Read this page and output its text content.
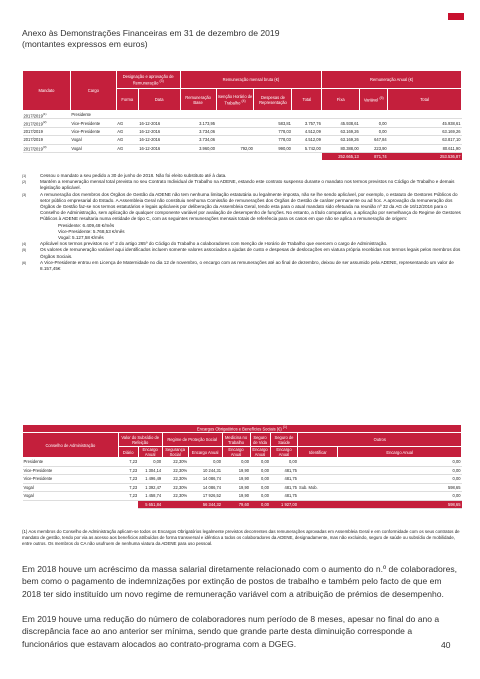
Anexo às Demonstrações Financeiras em 31 de dezembro de 2019
(montantes expressos em euros)
Mandato	Cargo	Designação e aprovação de Remuneração $^{(3)}$		Remuneração mensal bruta (€)				Remuneração Anual (€)		
		Forma	Data	Remuneração Base	Isenção Horário de Trabalho $^{(4)}$	Despesas de Representação	Total	Fixa	Variável $^{(5)}$	Total
2017/2019$^{(1)}$	Presidente									
2017/2019$^{(2)}$	Vice-Presidente	AG	16-12-2016	3.173,95		583,81	3.757,76	45.938,61	0,00	45.938,61
2017/2019	Vice-Presidente	AG	16-12-2016	3.734,06		778,03	4.512,09	63.169,26	0,00	63.169,26
2017/2019	Vogal	AG	16-12-2016	3.734,06		778,03	4.512,09	63.169,26	647,84	63.817,10
2017/2019$^{(3)}$	Vogal	AG	16-12-2016	3.960,00	792,00	990,00	5.742,00	80.388,00	223,90	80.611,90
								252.665,13	871,74	253.536,87
(1)	Cessou o mandato a seu pedido a 30 de junho de 2018. Não foi eleito substituto até à data.
(2)	Mantém a remuneração mensal total prevista no seu Contrato Individual de Trabalho na ADENE, estando este contrato suspenso durante o mandato nos termos previstos no Código de Trabalho e demais legislação aplicável.
(3)	A remuneração dos membros dos Órgãos de Gestão da ADENE não tem nenhuma limitação estatutária ou legalmente imposta, não se lhe sendo aplicável, por exemplo, o estatuto de Gestores Públicos do setor público empresarial do Estado. A Assembleia Geral não constituiu nenhuma Comissão de remunerações dos Órgãos de Gestão de caráter permanente ou ad hoc. A aprovação da remuneração dos Órgãos de Gestão faz-se nos termos estatutários e legais aplicáveis por deliberação da Assembleia Geral, tendo esta para o atual mandato sido efetuada na reunião nº 32 da AG de 16/12/2016 para o Conselho de Administração, sem aplicação de qualquer componente variável por avaliação de desempenho de funções. No entanto, a título comparativo, a aplicação por semelhança do Regime de Gestores Públicos à ADENE resultaria numa entidade de tipo C, com as seguintes remunerações mensais totais de referência para os casos em que não se aplica a remuneração de origem:
Presidente: 6.409,48 €/mês
Vice-Presidente: 5.768,53 €/mês
Vogal: 5.127,58 €/mês
(4)	Aplicável nos termos previstos no nº 2 do artigo 265º do Código do Trabalho a colaboradores com Isenção de Horário de Trabalho que exercem o cargo de Administração.
(5)	Os valores de remuneração variável aqui identificados incluem somente valores associados a ajudas de custo e despesas de deslocações em viatura própria recebidas nos termos legais pelos membros dos Órgãos Sociais.
(6)	A Vice-Presidente entrou em Licença de Maternidade no dia 12 de novembro, o encargo com as remunerações até ao final de dezembro, deixou de ser assumido pela ADENE, representando um valor de 8.157,45€
Encargos Obrigatórios e Benefícios Sociais (€) $^{(1)}$
Conselho de Administração	Valor do Subsídio de Refeição		Regime de Proteção Social		Medicina no Trabalho	Seguro de Vida	Seguro de Saúde	Outros	
	Diário	Encargo Anual	Segurança Social	Encargo Anual	Encargo Anual	Encargo Anual	Encargo Anual	Identificar	Encargo Anual
Presidente	7,23	0,00	22,30%	0,00	0,00	0,00	0,00		0,00
Vice-Presidente	7,23	1 304,14	22,30%	10 244,31	19,90	0,00	481,75		0,00
Vice-Presidente	7,23	1 496,49	22,30%	14 086,74	19,90	0,00	481,75		0,00
Vogal	7,23	1 392,47	22,30%	14 086,74	19,90	0,00	481,75	Sub. Mob.	598,65
Vogal	7,23	1 458,74	22,30%	17 926,52	19,90	0,00	481,75		0,00
		5 651,84		56 344,32	79,60	0,00	1 927,00		598,65
(1) Aos membros do Conselho de Administração aplicam-se todos os Encargos Obrigatórios legalmente previstos decorrentes das remunerações aprovadas em Assembleia Geral e em conformidade com os seus contratos de mandato de gestão, tendo por via as acesso aos benefícios atribuídos de forma transversal e idêntica a todos os colaboradores da ADENE, designadamente, mas não excluindo, seguro de saúde ou subsídio de mobilidade, entre outros. Os membros do CA não usufruem de nenhuma viatura da ADENE para uso pessoal.
Em 2018 houve um acréscimo da massa salarial diretamente relacionado com o aumento do n.º de colaboradores, bem como o pagamento de indemnizações por extinção de postos de trabalho e também pelo facto de que em 2018 ter sido instituído um novo regime de remuneração variável com a atribuição de prémios de desempenho.
Em 2019 houve uma redução do número de colaboradores num período de 8 meses, apesar no final do ano a discrepância face ao ano anterior ser mínima, sendo que grande parte desta diminuição corresponde a funcionários que estavam alocados ao contrato-programa com a DGEG.	40
